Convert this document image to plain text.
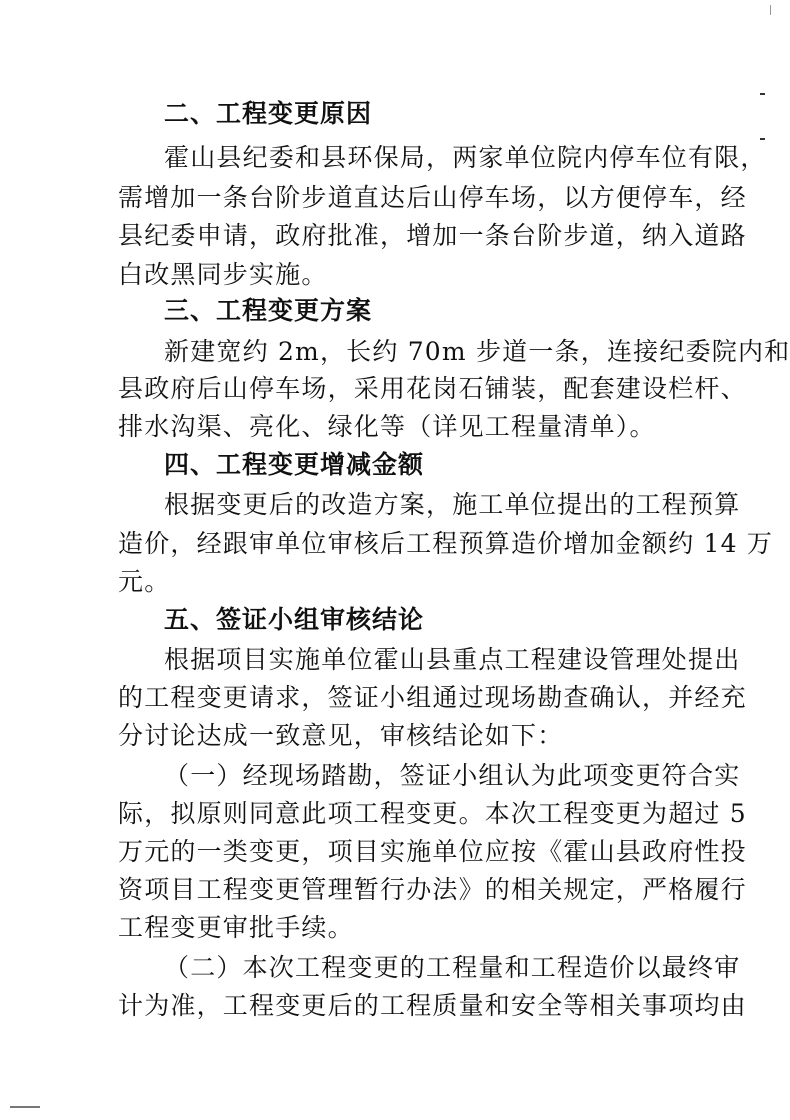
二、工程变更原因
霍山县纪委和县环保局，两家单位院内停车位有限，
需增加一条台阶步道直达后山停车场，以方便停车，经
县纪委申请，政府批准，增加一条台阶步道，纳入道路
白改黑同步实施。
三、工程变更方案
新建宽约 2m，长约 70m 步道一条，连接纪委院内和
县政府后山停车场，采用花岗石铺装，配套建设栏杆、
排水沟渠、亮化、绿化等（详见工程量清单）。
四、工程变更增减金额
根据变更后的改造方案，施工单位提出的工程预算
造价，经跟审单位审核后工程预算造价增加金额约 14 万
元。
五、签证小组审核结论
根据项目实施单位霍山县重点工程建设管理处提出
的工程变更请求，签证小组通过现场勘查确认，并经充
分讨论达成一致意见，审核结论如下：
（一）经现场踏勘，签证小组认为此项变更符合实
际，拟原则同意此项工程变更。本次工程变更为超过 5
万元的一类变更，项目实施单位应按《霍山县政府性投
资项目工程变更管理暂行办法》的相关规定，严格履行
工程变更审批手续。
（二）本次工程变更的工程量和工程造价以最终审
计为准，工程变更后的工程质量和安全等相关事项均由
